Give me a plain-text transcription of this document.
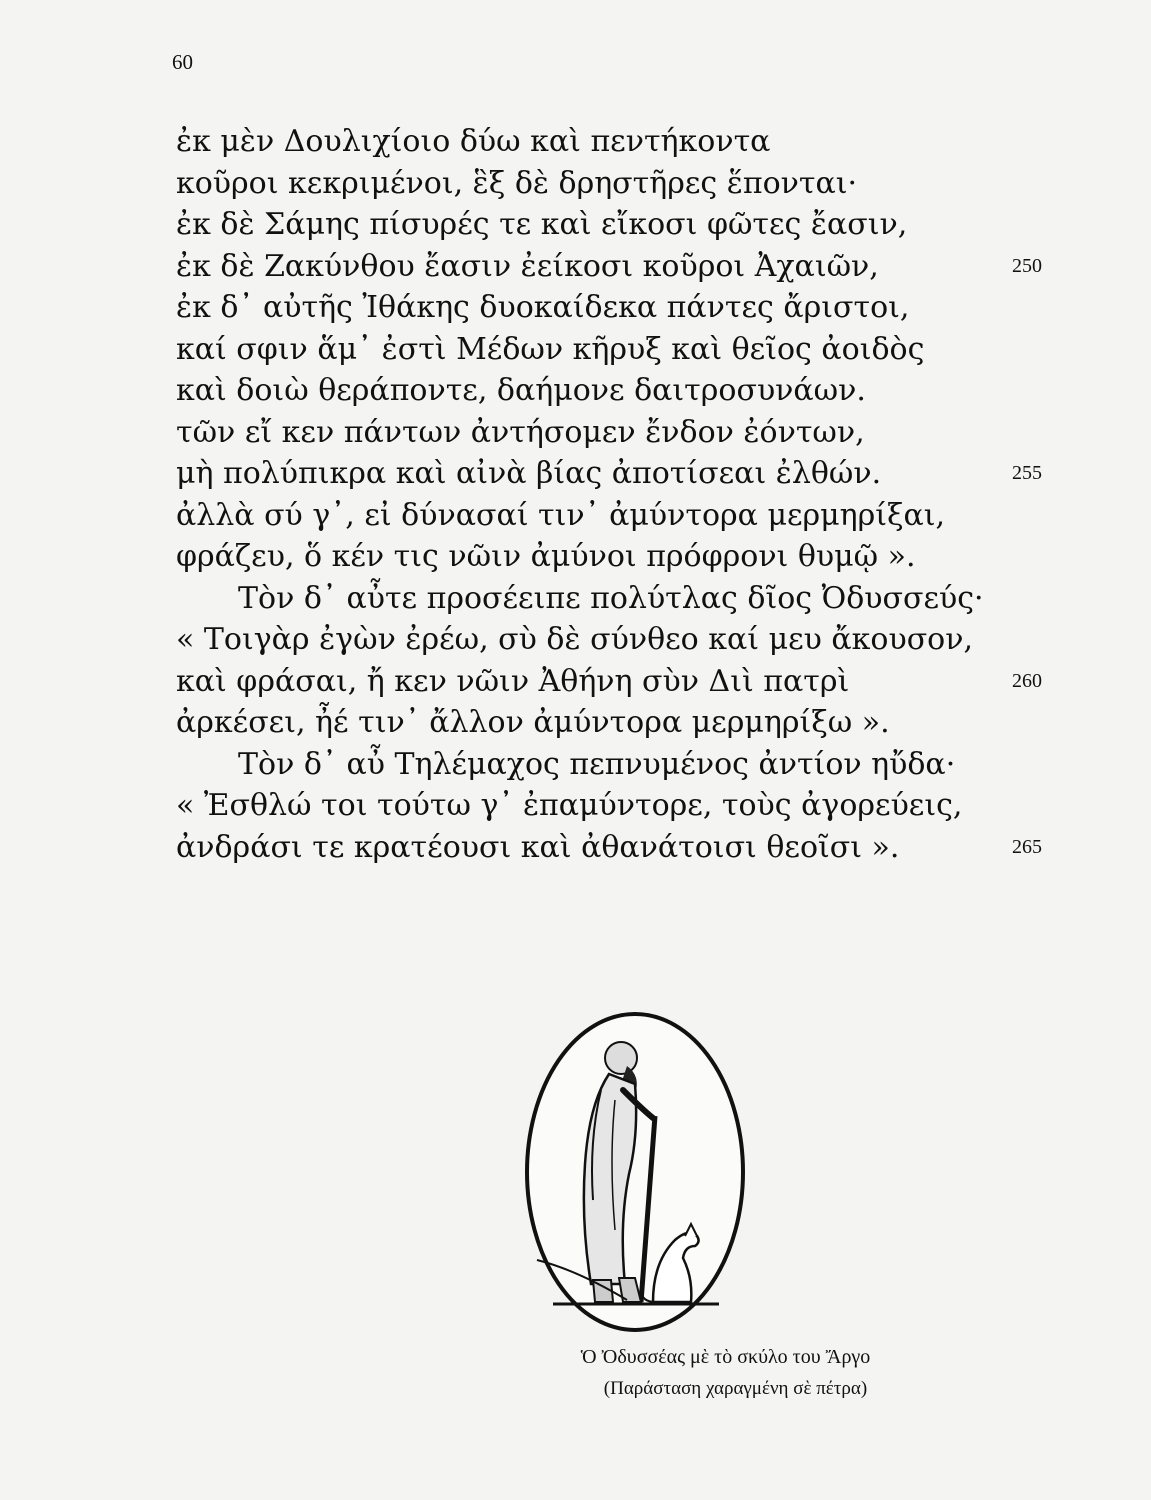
60
ἐκ μὲν Δουλιχίοιο δύω καὶ πεντήκοντα
κοῦροι κεκριμένοι, ἓξ δὲ δρηστῆρες ἕπονται·
ἐκ δὲ Σάμης πίσυρές τε καὶ εἴκοσι φῶτες ἔασιν,
ἐκ δὲ Ζακύνθου ἔασιν ἐείκοσι κοῦροι Ἀχαιῶν,	250
ἐκ δ᾽ αὐτῆς Ἰθάκης δυοκαίδεκα πάντες ἄριστοι,
καί σφιν ἅμ᾽ ἐστὶ Μέδων κῆρυξ καὶ θεῖος ἀοιδὸς
καὶ δοιὼ θεράποντε, δαήμονε δαιτροσυνάων.
τῶν εἴ κεν πάντων ἀντήσομεν ἔνδον ἐόντων,
μὴ πολύπικρα καὶ αἰνὰ βίας ἀποτίσεαι ἐλθών.	255
ἀλλὰ σύ γ᾽, εἰ δύνασαί τιν᾽ ἀμύντορα μερμηρίξαι,
φράζευ, ὅ κέν τις νῶιν ἀμύνοι πρόφρονι θυμῷ ».
Τὸν δ᾽ αὖτε προσέειπε πολύτλας δῖος Ὀδυσσεύς·
« Τοιγὰρ ἐγὼν ἐρέω, σὺ δὲ σύνθεο καί μευ ἄκουσον,
καὶ φράσαι, ἤ κεν νῶιν Ἀθήνη σὺν Διὶ πατρὶ	260
ἀρκέσει, ἦέ τιν᾽ ἄλλον ἀμύντορα μερμηρίξω ».
Τὸν δ᾽ αὖ Τηλέμαχος πεπνυμένος ἀντίον ηὔδα·
« Ἐσθλώ τοι τούτω γ᾽ ἐπαμύντορε, τοὺς ἀγορεύεις,
ἀνδράσι τε κρατέουσι καὶ ἀθανάτοισι θεοῖσι ».	265
Ὁ Ὀδυσσέας μὲ τὸ σκύλο του Ἄργο
(Παράσταση χαραγμένη σὲ πέτρα)
